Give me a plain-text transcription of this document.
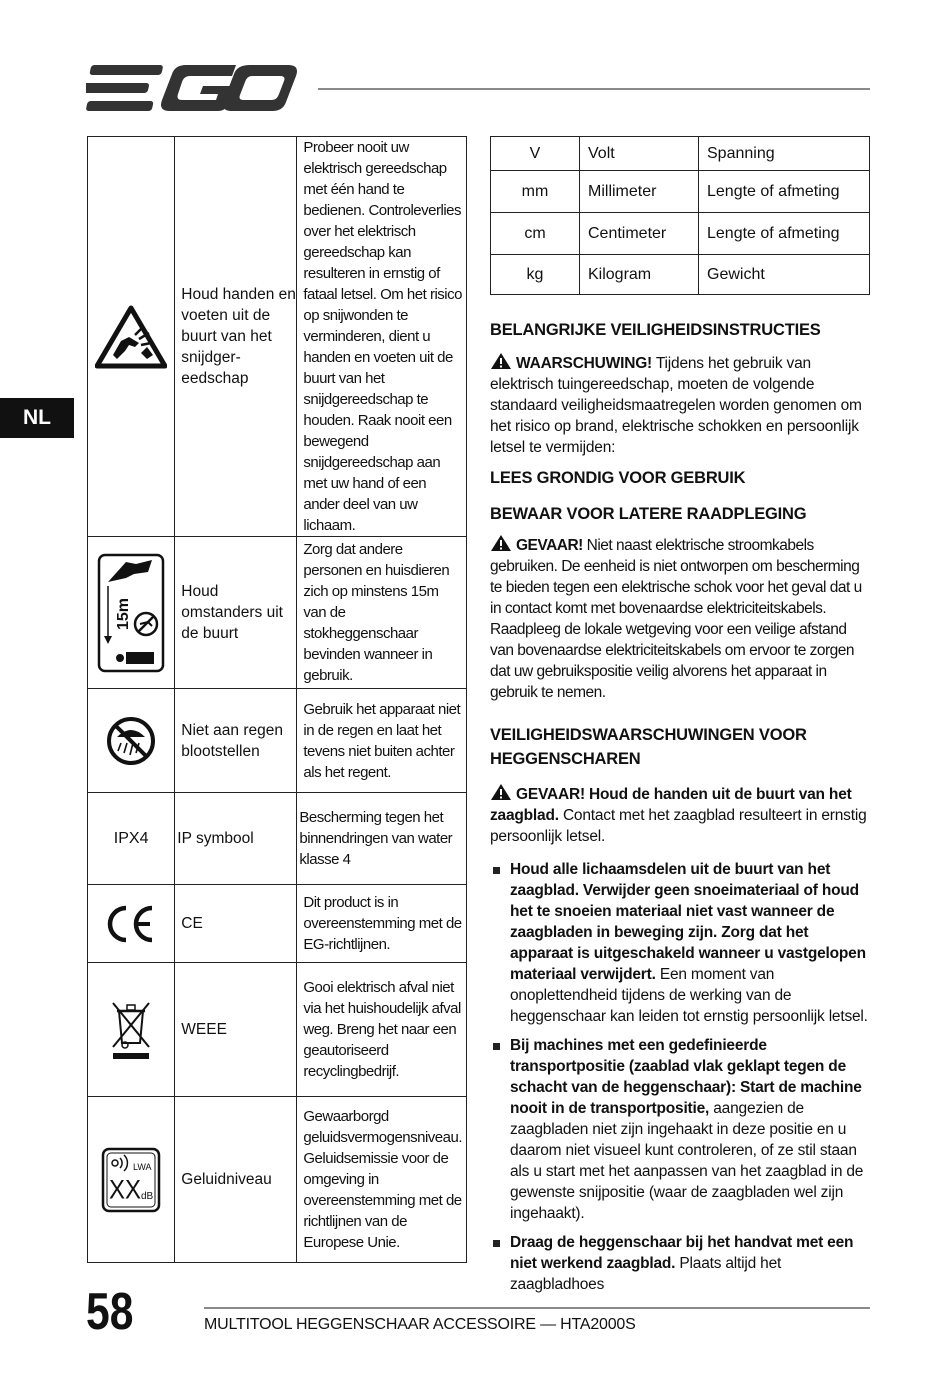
NL
	Houd handen en voeten uit de buurt van het snijdger-eedschap	Probeer nooit uw elektrisch gereedschap met één hand te bedienen. Controleverlies over het elektrisch gereedschap kan resulteren in ernstig of fataal letsel. Om het risico op snijwonden te verminderen, dient u handen en voeten uit de buurt van het snijdgereedschap te houden. Raak nooit een bewegend snijdgereedschap aan met uw hand of een ander deel van uw lichaam.

15m	Houd omstanders uit de buurt	Zorg dat andere personen en huisdieren zich op minstens 15m van de stokheggenschaar bevinden wanneer in gebruik.

	Niet aan regen blootstellen	Gebruik het apparaat niet in de regen en laat het tevens niet buiten achter als het regent.
IPX4	IP symbool	Bescherming tegen het binnendringen van water klasse 4

	CE	Dit product is in overeenstemming met de EG-richtlijnen.

	WEEE	Gooi elektrisch afval niet via het huishoudelijk afval weg. Breng het naar een geautoriseerd recyclingbedrijf.

LWA
XX dB	Geluidniveau	Gewaarborgd geluidsvermogensniveau. Geluidsemissie voor de omgeving in overeenstemming met de richtlijnen van de Europese Unie.
V	Volt	Spanning
mm	Millimeter	Lengte of afmeting
cm	Centimeter	Lengte of afmeting
kg	Kilogram	Gewicht
BELANGRIJKE VEILIGHEIDSINSTRUCTIES

WAARSCHUWING! Tijdens het gebruik van elektrisch tuingereedschap, moeten de volgende standaard veiligheidsmaatregelen worden genomen om het risico op brand, elektrische schokken en persoonlijk letsel te vermijden:

LEES GRONDIG VOOR GEBRUIK
BEWAAR VOOR LATERE RAADPLEGING

GEVAAR! Niet naast elektrische stroomkabels gebruiken. De eenheid is niet ontworpen om bescherming te bieden tegen een elektrische schok voor het geval dat u in contact komt met bovenaardse elektriciteitskabels. Raadpleeg de lokale wetgeving voor een veilige afstand van bovenaardse elektriciteitskabels om ervoor te zorgen dat uw gebruikspositie veilig alvorens het apparaat in gebruik te nemen.

VEILIGHEIDSWAARSCHUWINGEN VOOR HEGGENSCHAREN

GEVAAR! Houd de handen uit de buurt van het zaagblad. Contact met het zaagblad resulteert in ernstig persoonlijk letsel.

Houd alle lichaamsdelen uit de buurt van het zaagblad. Verwijder geen snoeimateriaal of houd het te snoeien materiaal niet vast wanneer de zaagbladen in beweging zijn. Zorg dat het apparaat is uitgeschakeld wanneer u vastgelopen materiaal verwijdert. Een moment van onoplettendheid tijdens de werking van de heggenschaar kan leiden tot ernstig persoonlijk letsel.
Bij machines met een gedefinieerde transportpositie (zaablad vlak geklapt tegen de schacht van de heggenschaar): Start de machine nooit in de transportpositie, aangezien de zaagbladen niet zijn ingehaakt in deze positie en u daarom niet visueel kunt controleren, of ze stil staan als u start met het aanpassen van het zaagblad in de gewenste snijpositie (waar de zaagbladen wel zijn ingehaakt).
Draag de heggenschaar bij het handvat met een niet werkend zaagblad. Plaats altijd het zaagbladhoes
58	MULTITOOL HEGGENSCHAAR ACCESSOIRE — HTA2000S
